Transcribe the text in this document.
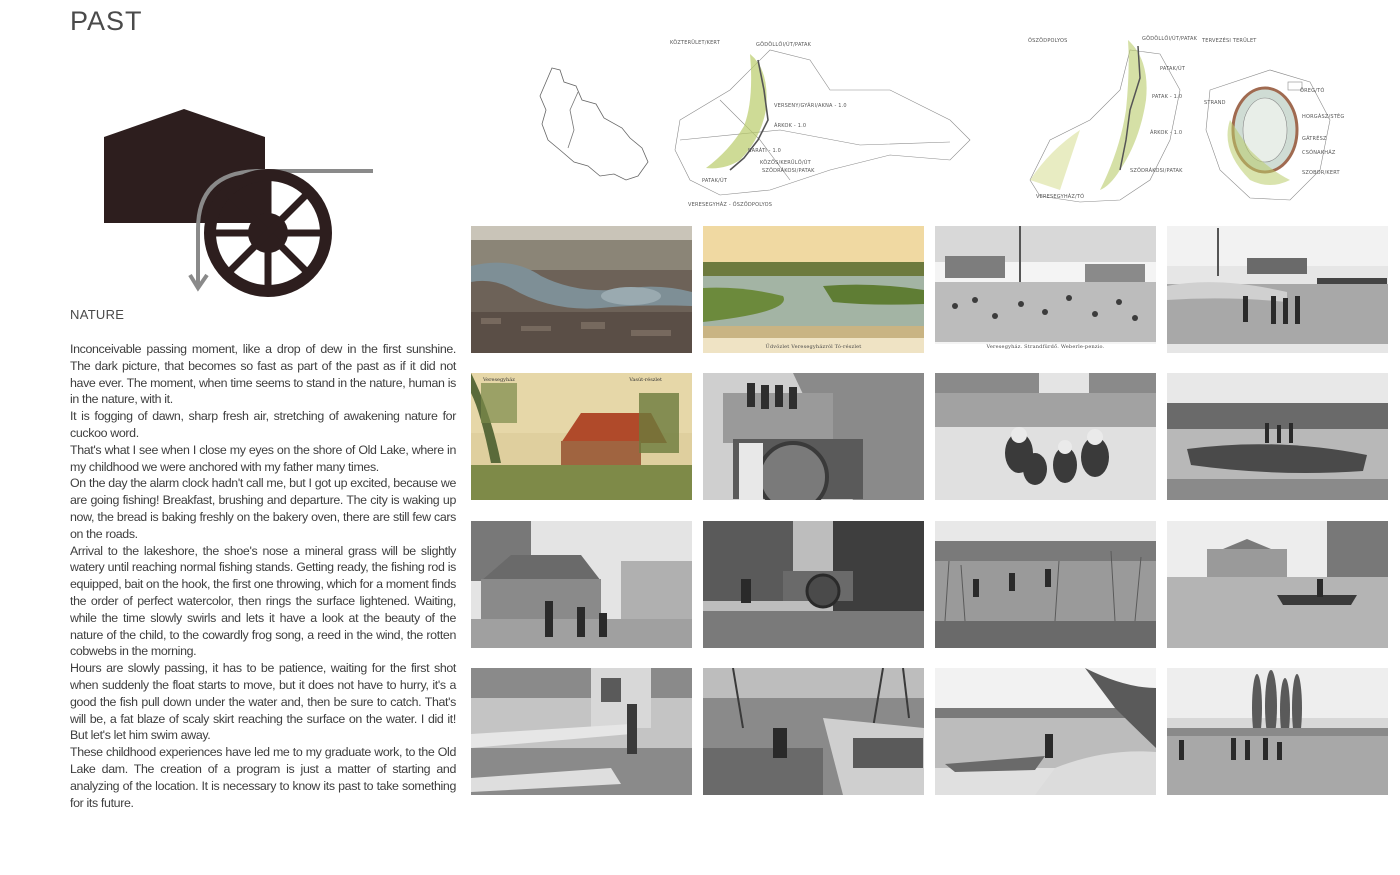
PAST
NATURE

Inconceivable passing moment, like a drop of dew in the first sunshine. The dark picture, that becomes so fast as part of the past as if it did not have ever. The moment, when time seems to stand in the nature, human is in the nature, with it.

It is fogging of dawn, sharp fresh air, stretching of awakening nature for cuckoo word.

That's what I see when I close my eyes on the shore of Old Lake, where in my childhood we were anchored with my father many times.

On the day the alarm clock hadn't call me, but I got up excited, because we are going fishing! Breakfast, brushing and departure. The city is waking up now, the bread is baking freshly on the bakery oven, there are still few cars on the roads.

Arrival to the lakeshore, the shoe's nose a mineral grass will be slightly watery until reaching normal fishing stands. Getting ready, the fishing rod is equipped, bait on the hook, the first one throwing, which for a moment finds the order of perfect watercolor, then rings the surface lightened. Waiting, while the time slowly swirls and lets it have a look at the beauty of the nature of the child, to the cowardly frog song, a reed in the wind, the rotten cobwebs in the morning.

Hours are slowly passing, it has to be patience, waiting for the first shot when suddenly the float starts to move, but it does not have to hurry, it's a good the fish pull down under the water and, then be sure to catch. That's will be, a fat blaze of scaly skirt reaching the surface on the water. I did it! But let's let him swim away.

These childhood experiences have led me to my graduate work, to the Old Lake dam. The creation of a program is just a matter of starting and analyzing of the location. It is necessary to know its past to take something for its future.

KÖZTERÜLET/KERT	GÖDÖLLŐI/ÚT/PATAK
VERSENY/GYÁRI/AKNA - 1.0
ÁRKOK - 1.0
BARÁTI - 1.0
KÖZÖS/KERÜLŐ/ÚT
SZŐDRÁKOSI/PATAK
PATAK/ÚT
VERESEGYHÁZ - ŐSZÖDPOLYOS
ŐSZÖDPOLYOS	GÖDÖLLŐI/ÚT/PATAK
PATAK/ÚT
PATAK - 1.0
ÁRKOK - 1.0
SZŐDRÁKOSI/PATAK
VERESEGYHÁZ/TÓ
TERVEZÉSI TERÜLET
ÖREG/TÓ
STRAND
HORGÁSZ/STÉG
GÁTRÉSZ
CSÓNAKHÁZ
SZOBOR/KERT
Üdvözlet Veresegyházról Tó-részlet	Veresegyház. Strandfürdő. Weberle-penzio.
Veresegyház	Vasút-részlet
